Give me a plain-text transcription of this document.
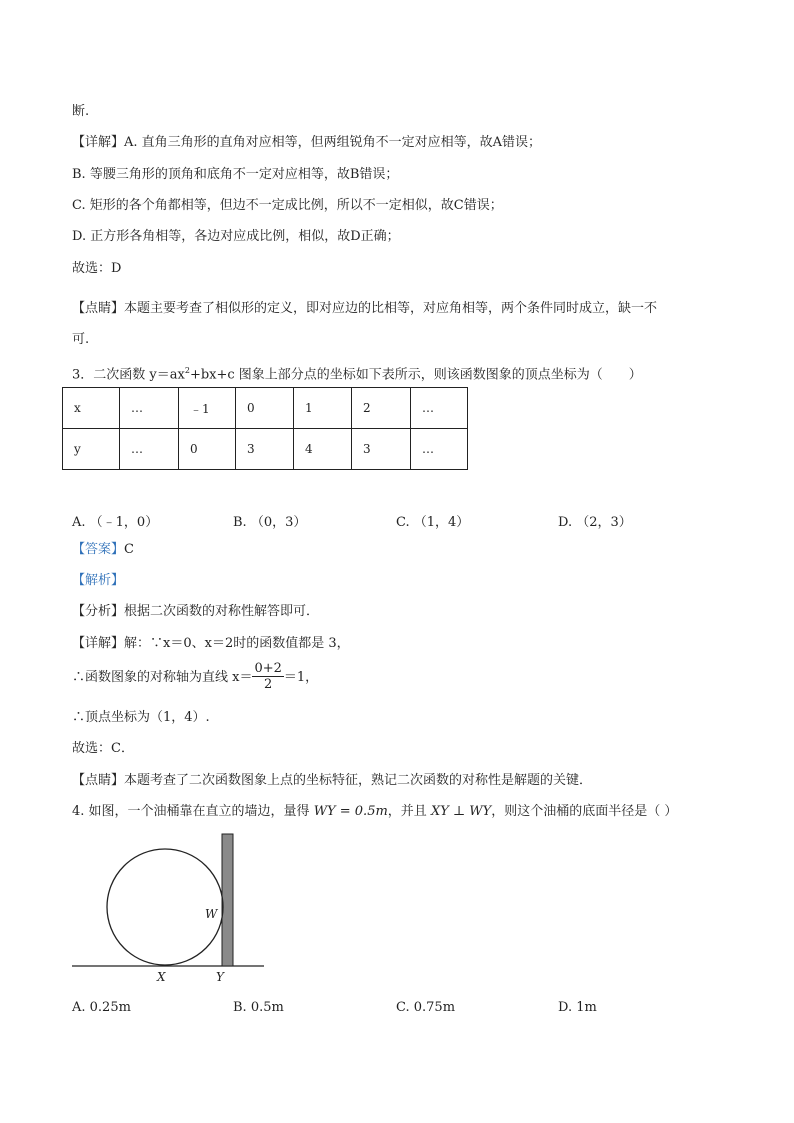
断.
【详解】A. 直角三角形的直角对应相等，但两组锐角不一定对应相等，故A错误；
B. 等腰三角形的顶角和底角不一定对应相等，故B错误；
C. 矩形的各个角都相等，但边不一定成比例，所以不一定相似，故C错误；
D. 正方形各角相等，各边对应成比例，相似，故D正确；
故选：D
【点睛】本题主要考查了相似形的定义，即对应边的比相等，对应角相等，两个条件同时成立，缺一不
可.
3．二次函数 $y=ax^2+bx+c$ 图象上部分点的坐标如下表所示，则该函数图象的顶点坐标为（　　）
x	…	﹣1	0	1	2	…
y	…	0	3	4	3	…
A. （﹣1，0）	B. （0，3）	C. （1，4）	D. （2，3）
【答案】C
【解析】
【分析】根据二次函数的对称性解答即可．
【详解】解：∵x＝0、x＝2时的函数值都是 3，
∴函数图象的对称轴为直线 $x= \frac{0+2}{2} =1$，
∴顶点坐标为（1，4）.
故选：C．
【点睛】本题考查了二次函数图象上点的坐标特征，熟记二次函数的对称性是解题的关键．
4. 如图，一个油桶靠在直立的墙边，量得 WY = 0.5m，并且 XY ⊥ WY，则这个油桶的底面半径是（ ）
W
X	Y
A. 0.25m	B. 0.5m	C. 0.75m	D. 1m
